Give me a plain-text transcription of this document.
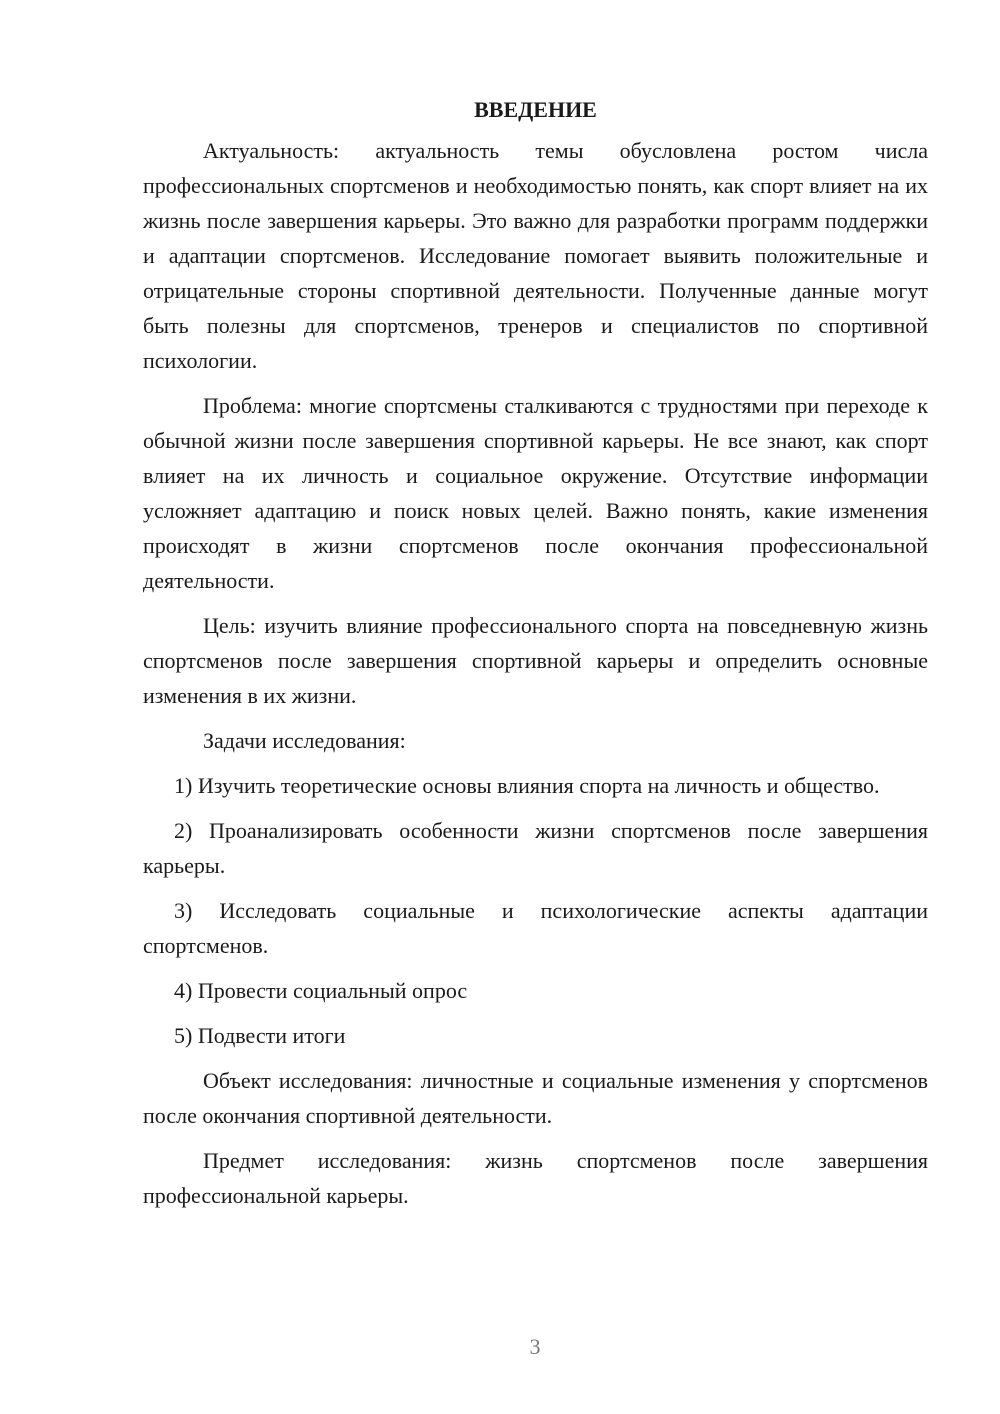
ВВЕДЕНИЕ

Актуальность: актуальность темы обусловлена ростом числа профессиональных спортсменов и необходимостью понять, как спорт влияет на их жизнь после завершения карьеры. Это важно для разработки программ поддержки и адаптации спортсменов. Исследование помогает выявить положительные и отрицательные стороны спортивной деятельности. Полученные данные могут быть полезны для спортсменов, тренеров и специалистов по спортивной психологии.

Проблема: многие спортсмены сталкиваются с трудностями при переходе к обычной жизни после завершения спортивной карьеры. Не все знают, как спорт влияет на их личность и социальное окружение. Отсутствие информации усложняет адаптацию и поиск новых целей. Важно понять, какие изменения происходят в жизни спортсменов после окончания профессиональной деятельности.

Цель: изучить влияние профессионального спорта на повседневную жизнь спортсменов после завершения спортивной карьеры и определить основные изменения в их жизни.

Задачи исследования:

1) Изучить теоретические основы влияния спорта на личность и общество.

2) Проанализировать особенности жизни спортсменов после завершения карьеры.

3) Исследовать социальные и психологические аспекты адаптации спортсменов.

4) Провести социальный опрос

5) Подвести итоги

Объект исследования: личностные и социальные изменения у спортсменов после окончания спортивной деятельности.

Предмет исследования: жизнь спортсменов после завершения профессиональной карьеры.

3
